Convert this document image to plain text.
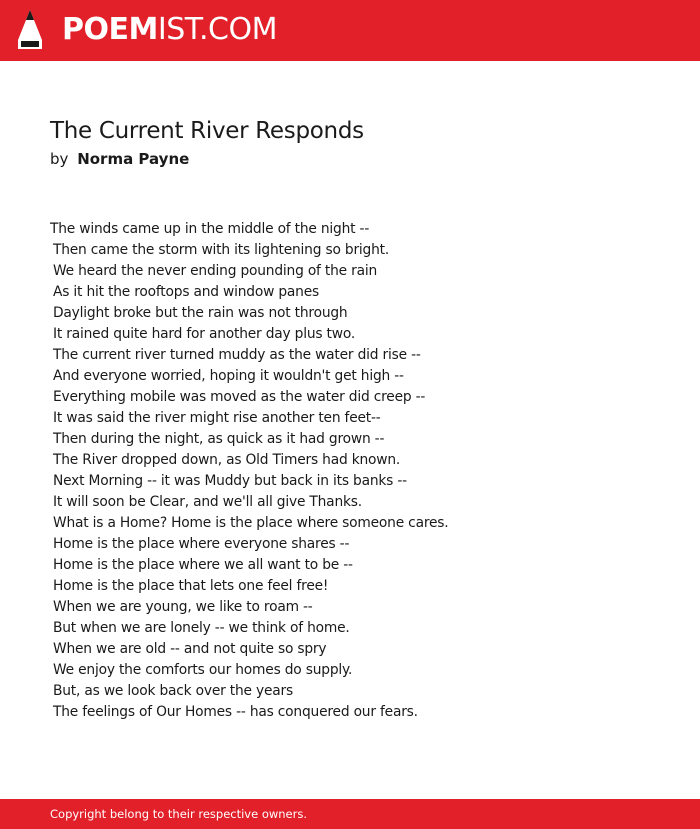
POEMIST.COM
The Current River Responds
by Norma Payne
The winds came up in the middle of the night --
Then came the storm with its lightening so bright.
We heard the never ending pounding of the rain
As it hit the rooftops and window panes
Daylight broke but the rain was not through
It rained quite hard for another day plus two.
The current river turned muddy as the water did rise --
And everyone worried, hoping it wouldn't get high --
Everything mobile was moved as the water did creep --
It was said the river might rise another ten feet--
Then during the night, as quick as it had grown --
The River dropped down, as Old Timers had known.
Next Morning -- it was Muddy but back in its banks --
It will soon be Clear, and we'll all give Thanks.
What is a Home? Home is the place where someone cares.
Home is the place where everyone shares --
Home is the place where we all want to be --
Home is the place that lets one feel free!
When we are young, we like to roam --
But when we are lonely -- we think of home.
When we are old -- and not quite so spry
We enjoy the comforts our homes do supply.
But, as we look back over the years
The feelings of Our Homes -- has conquered our fears.
Copyright belong to their respective owners.
